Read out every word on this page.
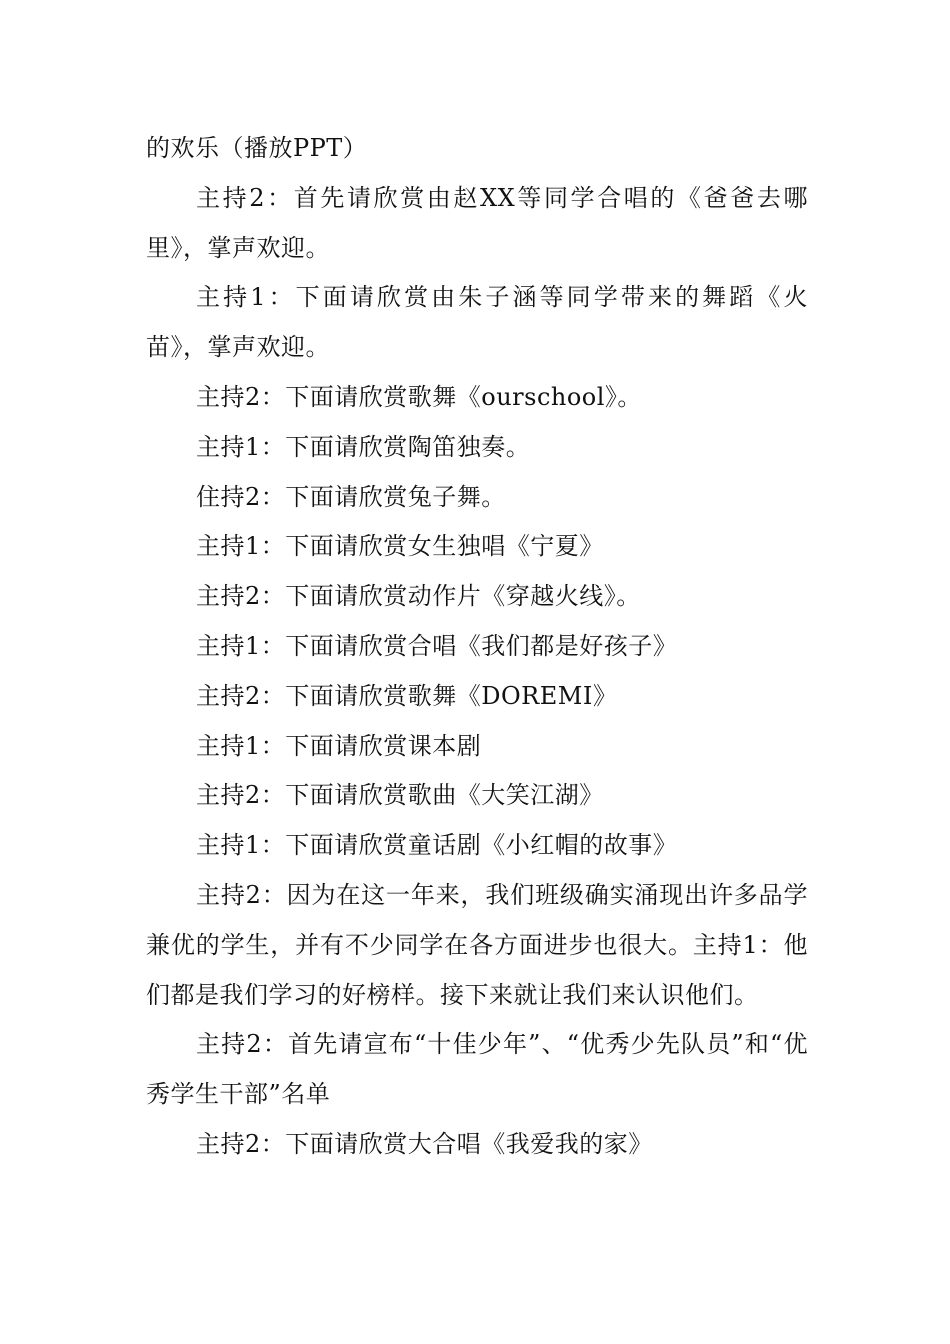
的欢乐（播放PPT）

主持2：首先请欣赏由赵XX等同学合唱的《爸爸去哪里》，掌声欢迎。

主持1：下面请欣赏由朱子涵等同学带来的舞蹈《火苗》，掌声欢迎。

主持2：下面请欣赏歌舞《ourschool》。

主持1：下面请欣赏陶笛独奏。

住持2：下面请欣赏兔子舞。

主持1：下面请欣赏女生独唱《宁夏》

主持2：下面请欣赏动作片《穿越火线》。

主持1：下面请欣赏合唱《我们都是好孩子》

主持2：下面请欣赏歌舞《DOREMI》

主持1：下面请欣赏课本剧

主持2：下面请欣赏歌曲《大笑江湖》

主持1：下面请欣赏童话剧《小红帽的故事》

主持2：因为在这一年来，我们班级确实涌现出许多品学兼优的学生，并有不少同学在各方面进步也很大。主持1：他们都是我们学习的好榜样。接下来就让我们来认识他们。

主持2：首先请宣布“十佳少年”、“优秀少先队员”和“优秀学生干部”名单

主持2：下面请欣赏大合唱《我爱我的家》
